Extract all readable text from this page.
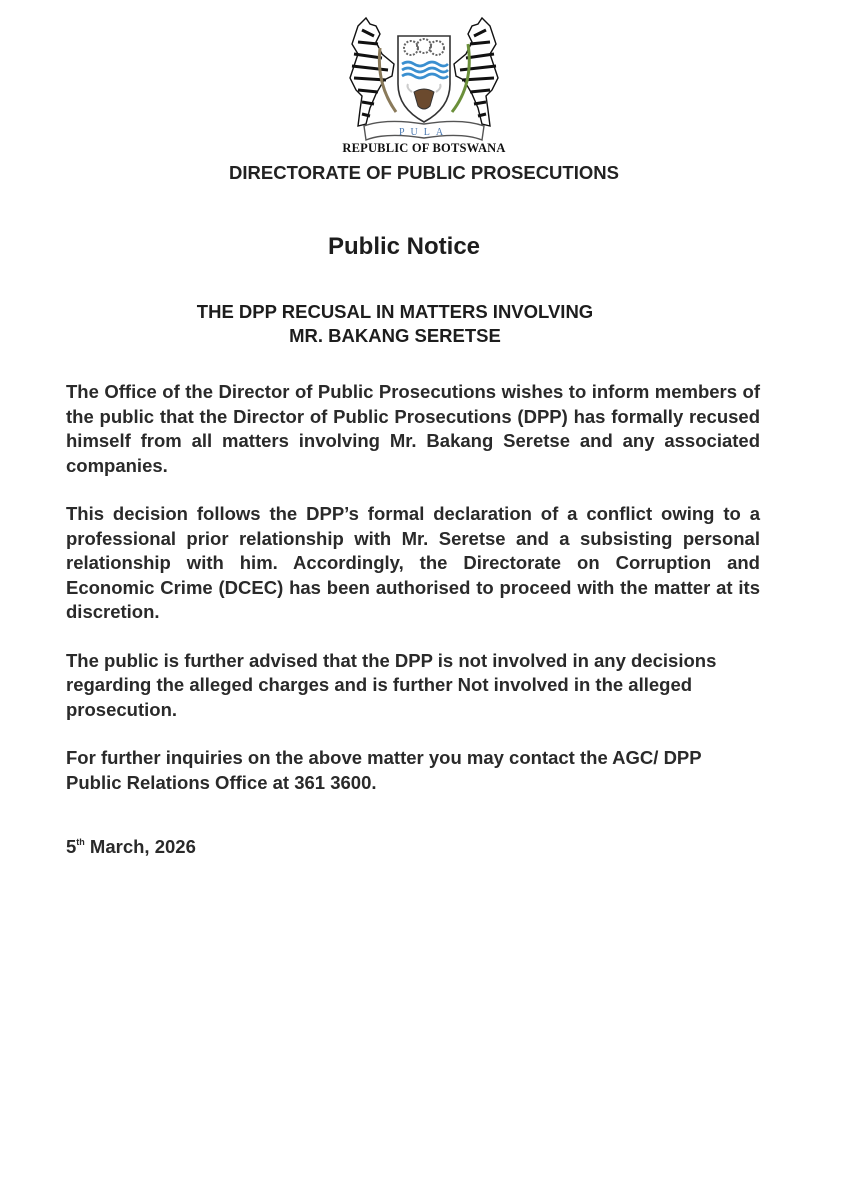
PULA
REPUBLIC OF BOTSWANA
DIRECTORATE OF PUBLIC PROSECUTIONS
Public Notice
THE DPP RECUSAL IN MATTERS INVOLVING
MR. BAKANG SERETSE

The Office of the Director of Public Prosecutions wishes to inform members of the public that the Director of Public Prosecutions (DPP) has formally recused himself from all matters involving Mr. Bakang Seretse and any associated companies.

This decision follows the DPP’s formal declaration of a conflict owing to a professional prior relationship with Mr. Seretse and a subsisting personal relationship with him. Accordingly, the Directorate on Corruption and Economic Crime (DCEC) has been authorised to proceed with the matter at its discretion.

The public is further advised that the DPP is not involved in any decisions regarding the alleged charges and is further Not involved in the alleged prosecution.

For further inquiries on the above matter you may contact the AGC/ DPP Public Relations Office at 361 3600.

5th March, 2026
